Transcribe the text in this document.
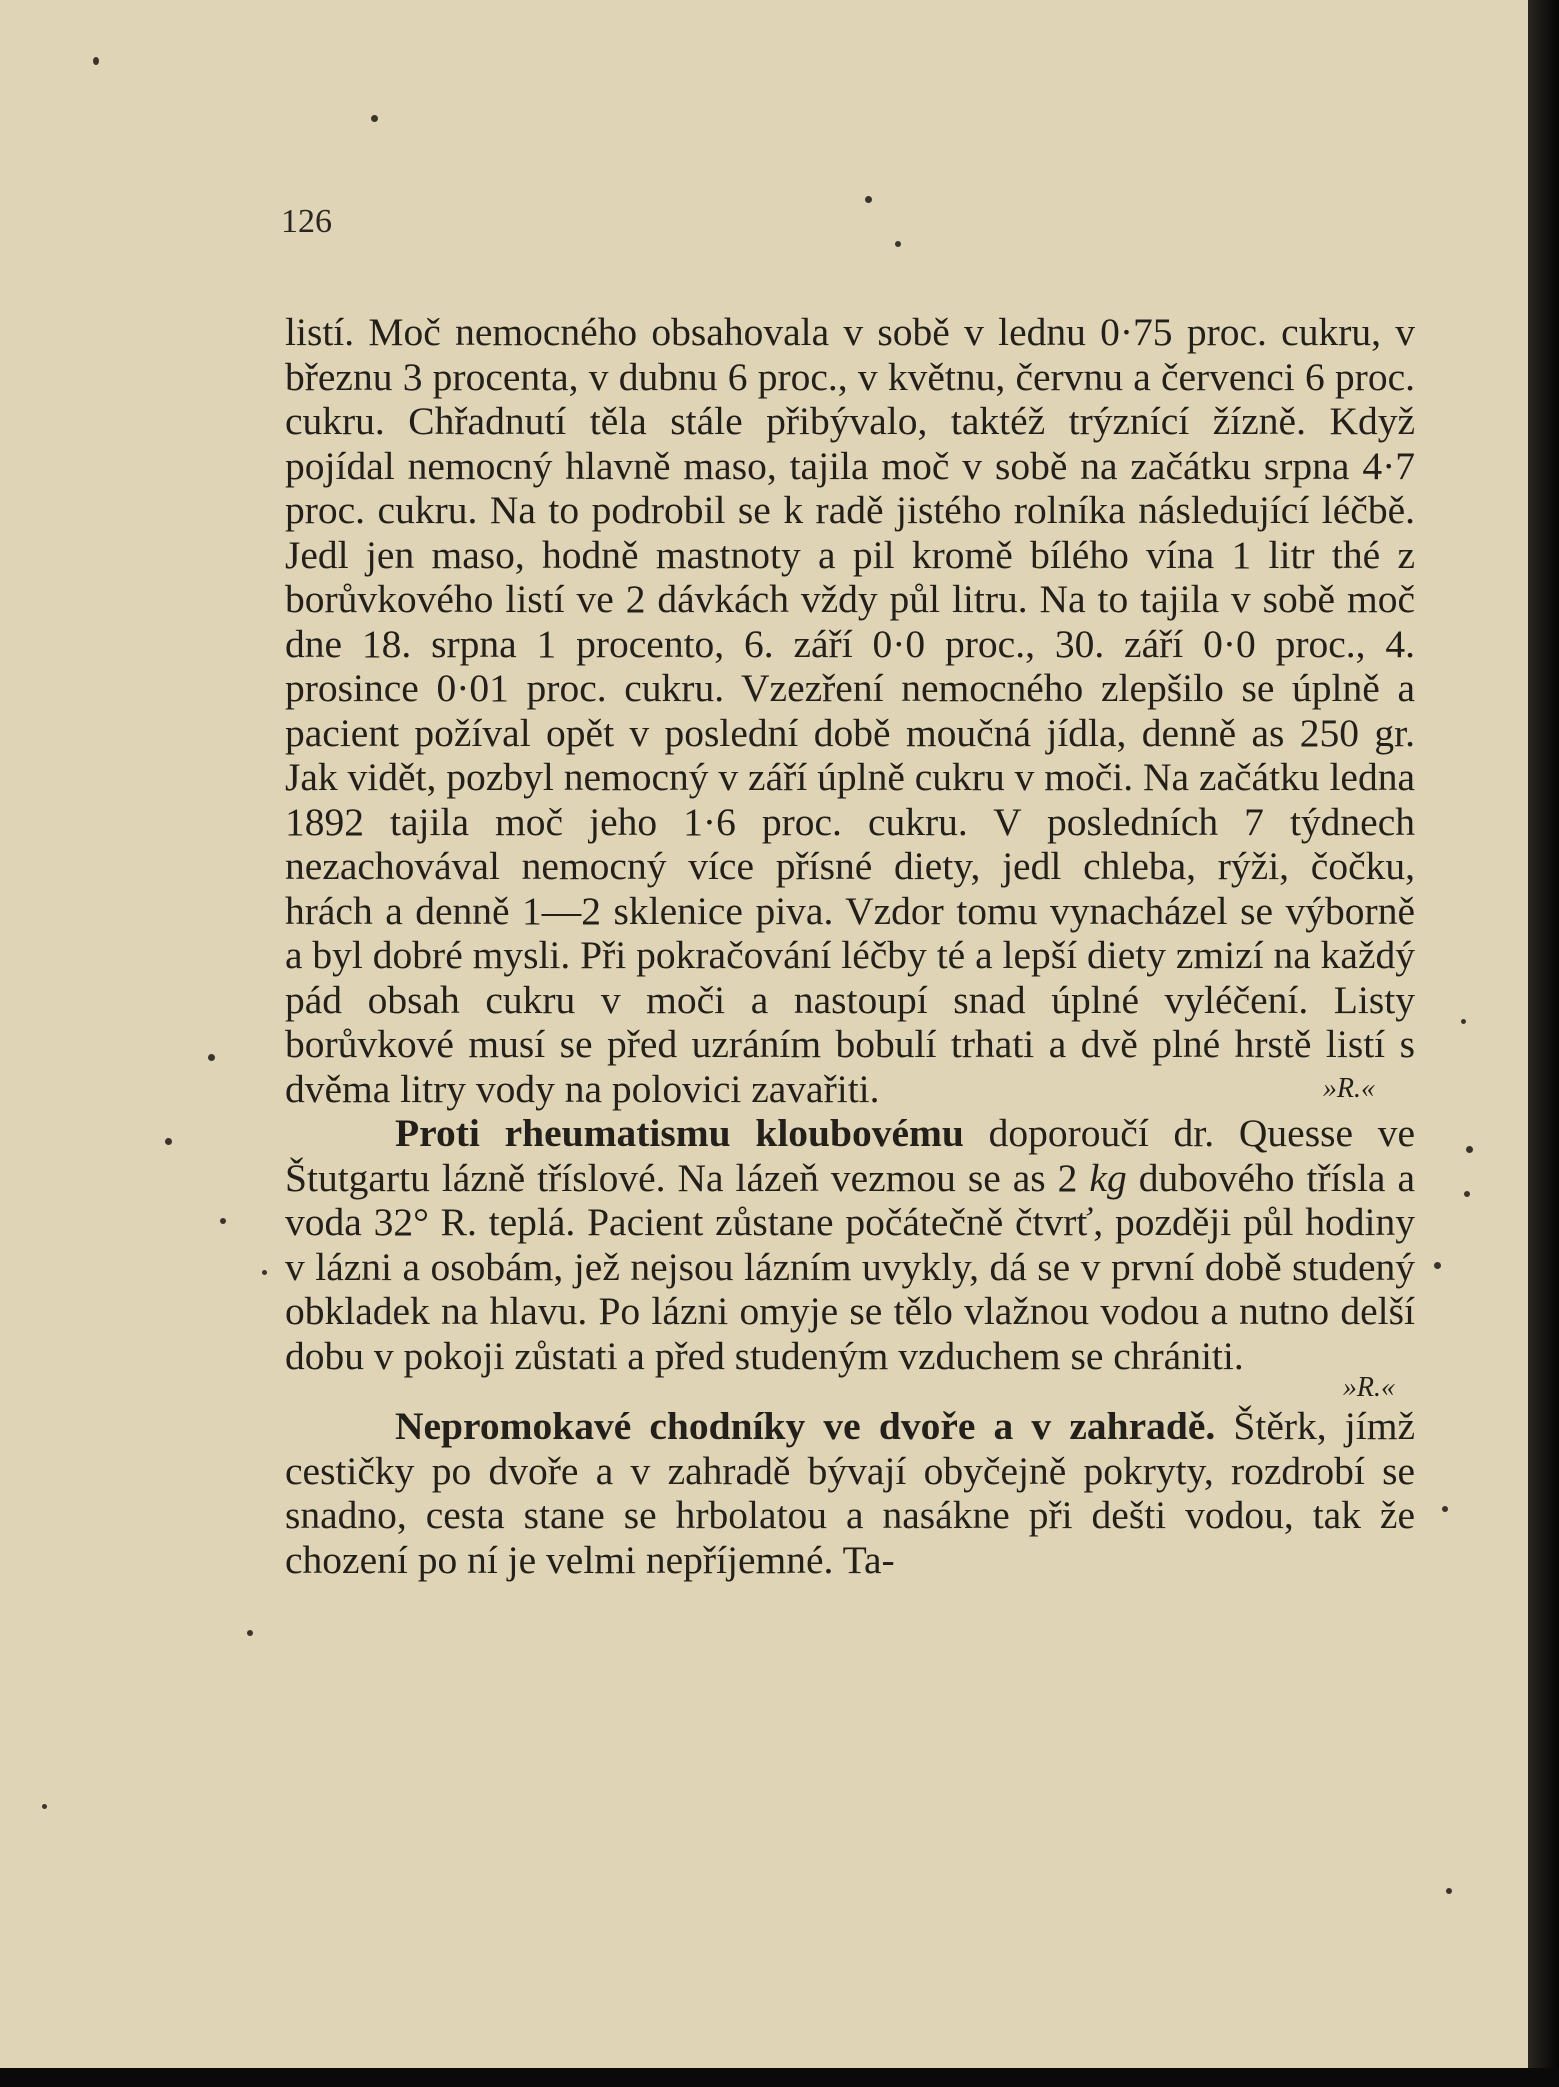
126

listí. Moč nemocného obsahovala v sobě v lednu 0·75 proc. cukru, v březnu 3 procenta, v dubnu 6 proc., v květnu, červnu a červenci 6 proc. cukru. Chřadnutí těla stále přibývalo, taktéž trýznící žízně. Když pojídal nemocný hlavně maso, tajila moč v sobě na začátku srpna 4·7 proc. cukru. Na to podrobil se k radě jistého rolníka následující léčbě. Jedl jen maso, hodně mastnoty a pil kromě bílého vína 1 litr thé z borůvkového listí ve 2 dávkách vždy půl litru. Na to tajila v sobě moč dne 18. srpna 1 procento, 6. září 0·0 proc., 30. září 0·0 proc., 4. prosince 0·01 proc. cukru. Vzezření nemocného zlepšilo se úplně a pacient požíval opět v poslední době moučná jídla, denně as 250 gr. Jak vidět, pozbyl nemocný v září úplně cukru v moči. Na začátku ledna 1892 tajila moč jeho 1·6 proc. cukru. V posledních 7 týdnech nezachovával nemocný více přísné diety, jedl chleba, rýži, čočku, hrách a denně 1—2 sklenice piva. Vzdor tomu vynacházel se výborně a byl dobré mysli. Při pokračování léčby té a lepší diety zmizí na každý pád obsah cukru v moči a nastoupí snad úplné vyléčení. Listy borůvkové musí se před uzráním bobulí trhati a dvě plné hrstě listí s dvěma litry vody na polovici zavařiti.	»R.«

Proti rheumatismu kloubovému doporoučí dr. Quesse ve Štutgartu lázně tříslové. Na lázeň vezmou se as 2 kg dubového třísla a voda 32° R. teplá. Pacient zůstane počátečně čtvrť, později půl hodiny v lázni a osobám, jež nejsou lázním uvykly, dá se v první době studený obkladek na hlavu. Po lázni omyje se tělo vlažnou vodou a nutno delší dobu v pokoji zůstati a před studeným vzduchem se chrániti.

»R.«

Nepromokavé chodníky ve dvoře a v zahradě. Štěrk, jímž cestičky po dvoře a v zahradě bývají obyčejně pokryty, rozdrobí se snadno, cesta stane se hrbolatou a nasákne při dešti vodou, tak že chození po ní je velmi nepříjemné. Ta-
